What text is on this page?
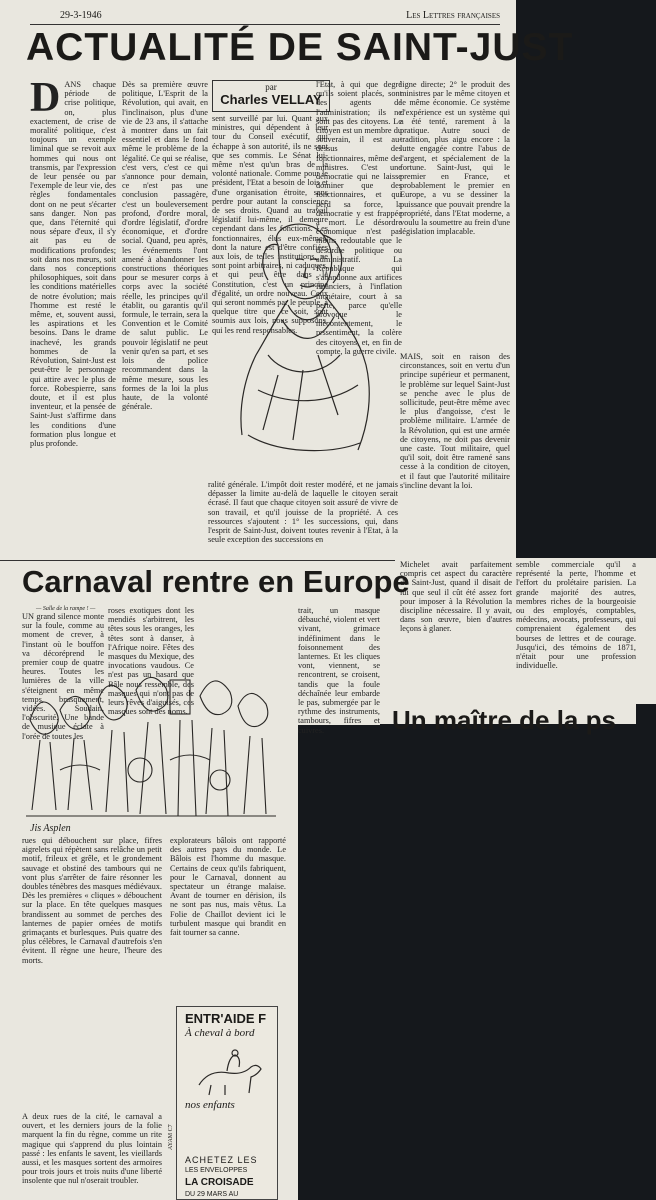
29-3-1946	Les Lettres françaises
ACTUALITÉ DE SAINT-JUST
par
Charles VELLAY
D ANS chaque période de crise politique, on, plus exactement, de crise de moralité politique, c'est toujours un exemple liminal que se revoit aux hommes qui nous ont transmis, par l'expression de leur pensée ou par l'exemple de leur vie, des règles fondamentales dont on ne peut s'écarter sans danger. Non pas que, dans l'éternité qui nous sépare d'eux, il s'y ait pas eu de modifications profondes; soit dans nos mœurs, soit dans nos conceptions philosophiques, soit dans les conditions matérielles de notre évolution; mais l'homme est resté le même, et, souvent aussi, les aspirations et les besoins. Dans le drame inachevé, les grands hommes de la Révolution, Saint-Just est peut-être le personnage qui attire avec le plus de force. Robespierre, sans doute, et il est plus inventeur, et la pensée de Saint-Just s'affirme dans les conditions d'une formation plus longue et plus profonde.
Dès sa première œuvre politique, L'Esprit de la Révolution, qui avait, en l'inclinaison, plus d'une vie de 23 ans, il s'attache à montrer dans un fait essentiel et dans le fond même le problème de la légalité. Ce qui se réalise, c'est vers, c'est ce qui s'annonce pour demain, ce n'est pas une conclusion passagère, c'est un bouleversement profond, d'ordre moral, d'ordre législatif, d'ordre économique, et d'ordre social. Quand, peu après, les événements l'ont amené à abandonner les constructions théoriques pour se mesurer corps à corps avec la société réelle, les principes qu'il établit, ou garantis qu'il formule, le terrain, sera la Convention et le Comité de salut public. Le pouvoir législatif ne peut venir qu'en sa part, et ses lois de police recommandent dans la même mesure, sous les formes de la loi la plus haute, de la volonté générale.
sent surveillé par lui. Quant aux ministres, qui dépendent à leur tour du Conseil exécutif, qui échappe à son autorité, ils ne sont que ses commis. Le Sénat lui-même n'est qu'un bras de la volonté nationale. Comme pour le président, l'Etat a besoin de lois et d'une organisation étroite, sans perdre pour autant la conscience de ses droits. Quand au travail législatif lui-même, il demeure cependant dans les fonctions. Les fonctionnaires, élus eux-mêmes, dont la nature est d'être confiées aux lois, de telles institutions, ne sont point arbitraires, ni caduques, et qui peut être dans la Constitution, c'est un principe d'égalité, un ordre nouveau. Ceux qui seront nommés par le peuple, à quelque titre que ce soit, sont soumis aux lois, nous supposons, qui les rend responsables.
l'Etat, à qui que degré qu'ils soient placés, sont des agents de l'administration; ils ne sont pas des citoyens. Le citoyen est un membre du souverain, il est au-dessus des fonctionnaires, même des ministres. C'est une démocratie qui ne laisse dominer que des fonctionnaires, et qui perd sa force, la démocratie y est frappée à mort. Le désordre économique n'est pas moins redoutable que le désordre politique ou administratif. La République qui s'abandonne aux artifices financiers, à l'inflation monétaire, court à sa perte, parce qu'elle provoque le mécontentement, le ressentiment, la colère des citoyens, et, en fin de compte, la guerre civile.
ligne directe; 2° le produit des ministres par le même citoyen et le même économie. Ce système d'expérience est un système qui a été tenté, rarement à la pratique. Autre souci de tradition, plus aigu encore : la lutte engagée contre l'abus de l'argent, et spécialement de la fortune. Saint-Just, qui le premier en France, et probablement le premier en Europe, a vu se dessiner la puissance que pouvait prendre la propriété, dans l'Etat moderne, a voulu la soumettre au frein d'une législation implacable.
MAIS, soit en raison des circonstances, soit en vertu d'un principe supérieur et permanent, le problème sur lequel Saint-Just se penche avec le plus de sollicitude, peut-être même avec le plus d'angoisse, c'est le problème militaire. L'armée de la Révolution, qui est une armée de citoyens, ne doit pas devenir une caste. Tout militaire, quel qu'il soit, doit être ramené sans cesse à la condition de citoyen, et il faut que l'autorité militaire s'incline devant la loi.
ralité générale. L'impôt doit rester modéré, et ne jamais dépasser la limite au-delà de laquelle le citoyen serait écrasé. Il faut que chaque citoyen soit assuré de vivre de son travail, et qu'il jouisse de la propriété. A ces ressources s'ajoutent : 1° les successions, qui, dans l'esprit de Saint-Just, doivent toutes revenir à l'Etat, à la seule exception des successions en
semble commerciale qu'il a représenté la perte, l'homme et l'effort du prolétaire parisien. La grande majorité des autres, membres riches de la bourgeoisie ou des employés, comptables, médecins, avocats, professeurs, qui comprenaient également des bourses de lettres et de courage. Jusqu'ici, des témoins de 1871, n'était pour une profession individuelle.
Michelet avait parfaitement compris cet aspect du caractère de Saint-Just, quand il disait de lui que seul il cût été assez fort pour imposer à la Révolution la discipline nécessaire. Il y avait, dans son œuvre, bien d'autres leçons à glaner.
Carnaval rentre en Europe
— Salle de la rampe ! —
UN grand silence monte sur la foule, comme au moment de crever, à l'instant où le bouffon va décoréprend le premier coup de quatre heures. Toutes les lumières de la ville s'éteignent en même temps, brusquement, vidées. Soudain, l'obscurité. Une bande de musique éclate à l'orée de toutes les
roses exotiques dont les mendiés s'arbitrent, les têtes sous les oranges, les têtes sont à danser, à l'Afrique noire. Fêtes des masques du Mexique, des invocations vaudous. Ce n'est pas un hasard que Bâle nous ressemble, des masques qui n'ont pas de leurs rêves d'aiguisés, ces masques sont des noms.
trait, un masque débauché, violent et vert vivant, grimace indéfiniment dans le foisonnement des lanternes. Et les cliques vont, viennent, se rencontrent, se croisent, tandis que la foule déchaînée leur embarde le pas, submergée par le rythme des instruments, tambours, fifres et cuivres.
Jis Asplen
rues qui débouchent sur place, fifres aigrelets qui répètent sans relâche un petit motif, frileux et grêle, et le grondement sauvage et obstiné des tambours qui ne vont plus s'arrêter de faire résonner les doubles ténèbres des masques médiévaux. Dès les premières « cliques » débouchent sur la place. En tête quelques masques brandissent au sommet de perches des lanternes de papier ornées de motifs grimaçants et burlesques. Puis quatre des plus célèbres, le Carnaval d'autrefois s'en évitent. Il règne une heure, l'heure des morts.
A deux rues de la cité, le carnaval a ouvert, et les derniers jours de la folie marquent la fin du règne, comme un rite magique qui s'apprend du plus lointain passé : les enfants le savent, les vieillards aussi, et les masques sortent des armoires pour trois jours et trois nuits d'une liberté insolente que nul n'oserait troubler.
explorateurs bâlois ont rapporté des autres pays du monde. Le Bâlois est l'homme du masque. Certains de ceux qu'ils fabriquent, pour le Carnaval, donnent au spectateur un étrange malaise. Avant de tourner en dérision, ils ne sont pas nus, mais vêtus. La Folie de Chaillot devient ici le turbulent masque qui brandit en fait tourner sa canne.
ENTR'AIDE F
À cheval à bord
nos enfants
ACHETEZ LES
LES ENVELOPPES
LA CROISADE
DU 29 MARS AU
AYAM C7
Un maître de la ps
